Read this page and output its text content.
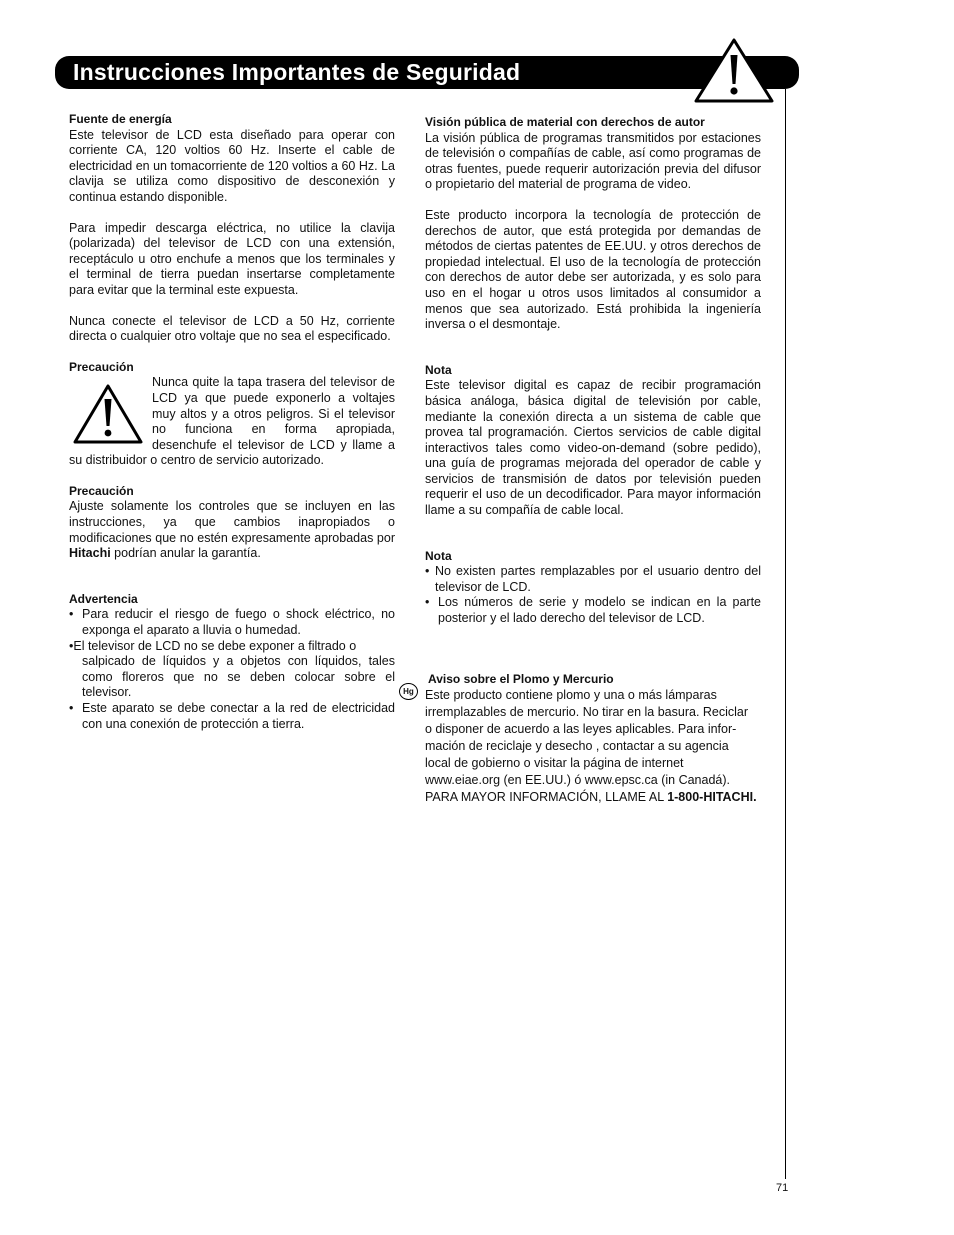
Instrucciones Importantes de Seguridad

Fuente de energía

Este televisor de LCD esta diseñado para operar con corriente CA, 120 voltios 60 Hz. Inserte el cable de electricidad en un tomacorriente de 120 voltios a 60 Hz. La clavija se utiliza como dispositivo de desconexión y continua estando disponible.

Para impedir descarga eléctrica, no utilice la clavija (polarizada) del televisor de LCD con una extensión, receptáculo u otro enchufe a menos que los terminales y el terminal de tierra puedan insertarse completamente para evitar que la terminal este expuesta.

Nunca conecte el televisor de LCD a 50 Hz, corriente directa o cualquier otro voltaje que no sea el especificado.

Precaución

Nunca quite la tapa trasera del televisor de LCD ya que puede exponerlo a voltajes muy altos y a otros peligros. Si el televisor no funciona en forma apropiada, desenchufe el televisor de LCD y llame a su distribuidor o centro de servicio autorizado.

Precaución

Ajuste solamente los controles que se incluyen en las instrucciones, ya que cambios inapropiados o modificaciones que no estén expresamente aprobadas por Hitachi podrían anular la garantía.

Advertencia

• Para reducir el riesgo de fuego o shock eléctrico, no exponga el aparato a lluvia o humedad.
•El televisor de LCD no se debe exponer a filtrado o
salpicado de líquidos y a objetos con líquidos, tales como floreros que no se deben colocar sobre el televisor.
• Este aparato se debe conectar a la red de electricidad con una conexión de protección a tierra.

Visión pública de material con derechos de autor

La visión pública de programas transmitidos por estaciones de televisión o compañías de cable, así como programas de otras fuentes, puede requerir autorización previa del difusor o propietario del material de programa de video.

Este producto incorpora la tecnología de protección de derechos de autor, que está protegida por demandas de métodos de ciertas patentes de EE.UU. y otros derechos de propiedad intelectual. El uso de la tecnología de protección con derechos de autor debe ser autorizada, y es solo para uso en el hogar u otros usos limitados al consumidor a menos que sea autorizado. Está prohibida la ingeniería inversa o el desmontaje.

Nota

Este televisor digital es capaz de recibir programación básica análoga, básica digital de televisión por cable, mediante la conexión directa a un sistema de cable que provea tal programación. Ciertos servicios de cable digital interactivos tales como video-on-demand (sobre pedido), una guía de programas mejorada del operador de cable y servicios de transmisión de datos por televisión pueden requerir el uso de un decodificador. Para mayor información llame a su compañía de cable local.

Nota

• No existen partes remplazables por el usuario dentro del televisor de LCD.
• Los números de serie y modelo se indican en la parte posterior y el lado derecho del televisor de LCD.

Aviso sobre el Plomo y Mercurio

Este producto contiene plomo y una o más lámparas

irremplazables de mercurio. No tirar en la basura. Reciclar

o disponer de acuerdo a las leyes aplicables. Para infor-

mación de reciclaje y desecho , contactar a su agencia

local de gobierno o visitar la página de internet

www.eiae.org (en EE.UU.) ó www.epsc.ca (in Canadá).

PARA MAYOR INFORMACIÓN, LLAME AL 1-800-HITACHI.

Hg
71
